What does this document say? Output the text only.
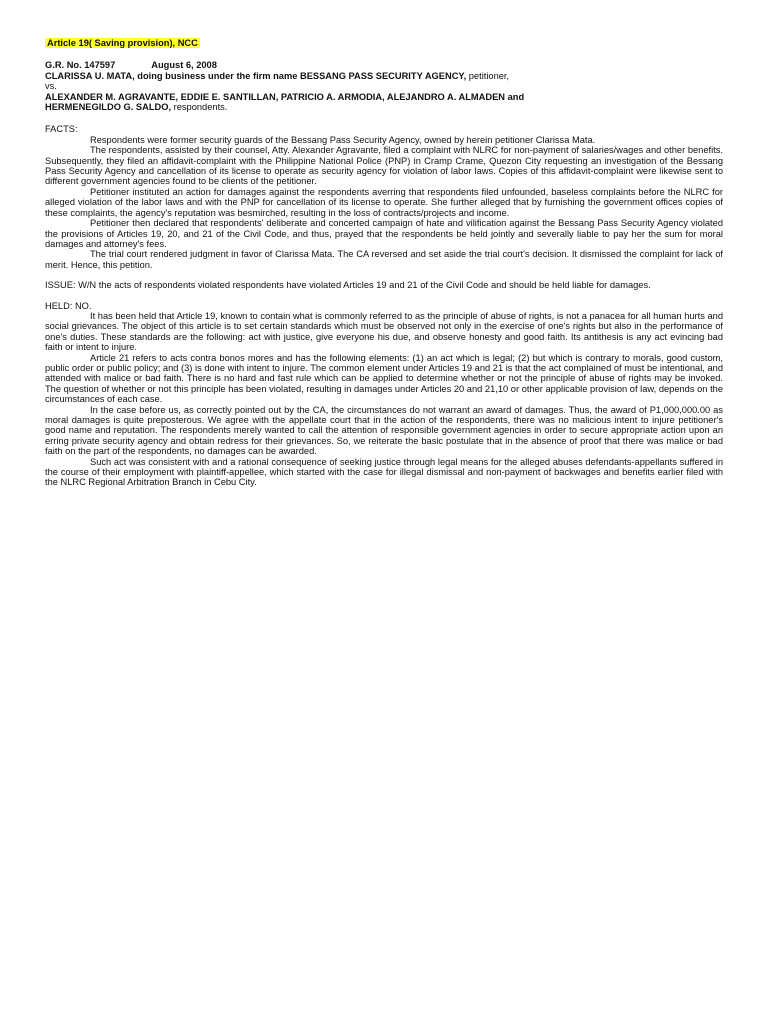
Article 19( Saving provision), NCC

G.R. No. 147597	August 6, 2008

CLARISSA U. MATA, doing business under the firm name BESSANG PASS SECURITY AGENCY, petitioner,

vs.

ALEXANDER M. AGRAVANTE, EDDIE E. SANTILLAN, PATRICIO A. ARMODIA, ALEJANDRO A. ALMADEN and

HERMENEGILDO G. SALDO, respondents.

FACTS:

Respondents were former security guards of the Bessang Pass Security Agency, owned by herein petitioner Clarissa Mata.

The respondents, assisted by their counsel, Atty. Alexander Agravante, filed a complaint with NLRC for non-payment of salaries/wages and other benefits. Subsequently, they filed an affidavit-complaint with the Philippine National Police (PNP) in Cramp Crame, Quezon City requesting an investigation of the Bessang Pass Security Agency and cancellation of its license to operate as security agency for violation of labor laws. Copies of this affidavit-complaint were likewise sent to different government agencies found to be clients of the petitioner.

Petitioner instituted an action for damages against the respondents averring that respondents filed unfounded, baseless complaints before the NLRC for alleged violation of the labor laws and with the PNP for cancellation of its license to operate. She further alleged that by furnishing the government offices copies of these complaints, the agency's reputation was besmirched, resulting in the loss of contracts/projects and income.

Petitioner then declared that respondents' deliberate and concerted campaign of hate and vilification against the Bessang Pass Security Agency violated the provisions of Articles 19, 20, and 21 of the Civil Code, and thus, prayed that the respondents be held jointly and severally liable to pay her the sum for moral damages and attorney's fees.

The trial court rendered judgment in favor of Clarissa Mata. The CA reversed and set aside the trial court's decision. It dismissed the complaint for lack of merit. Hence, this petition.

ISSUE: W/N the acts of respondents violated respondents have violated Articles 19 and 21 of the Civil Code and should be held liable for damages.

HELD: NO.

It has been held that Article 19, known to contain what is commonly referred to as the principle of abuse of rights, is not a panacea for all human hurts and social grievances. The object of this article is to set certain standards which must be observed not only in the exercise of one's rights but also in the performance of one's duties. These standards are the following: act with justice, give everyone his due, and observe honesty and good faith. Its antithesis is any act evincing bad faith or intent to injure.

Article 21 refers to acts contra bonos mores and has the following elements: (1) an act which is legal; (2) but which is contrary to morals, good custom, public order or public policy; and (3) is done with intent to injure. The common element under Articles 19 and 21 is that the act complained of must be intentional, and attended with malice or bad faith. There is no hard and fast rule which can be applied to determine whether or not the principle of abuse of rights may be invoked. The question of whether or not this principle has been violated, resulting in damages under Articles 20 and 21,10 or other applicable provision of law, depends on the circumstances of each case.

In the case before us, as correctly pointed out by the CA, the circumstances do not warrant an award of damages. Thus, the award of P1,000,000.00 as moral damages is quite preposterous. We agree with the appellate court that in the action of the respondents, there was no malicious intent to injure petitioner's good name and reputation. The respondents merely wanted to call the attention of responsible government agencies in order to secure appropriate action upon an erring private security agency and obtain redress for their grievances. So, we reiterate the basic postulate that in the absence of proof that there was malice or bad faith on the part of the respondents, no damages can be awarded.

Such act was consistent with and a rational consequence of seeking justice through legal means for the alleged abuses defendants-appellants suffered in the course of their employment with plaintiff-appellee, which started with the case for illegal dismissal and non-payment of backwages and benefits earlier filed with the NLRC Regional Arbitration Branch in Cebu City.
